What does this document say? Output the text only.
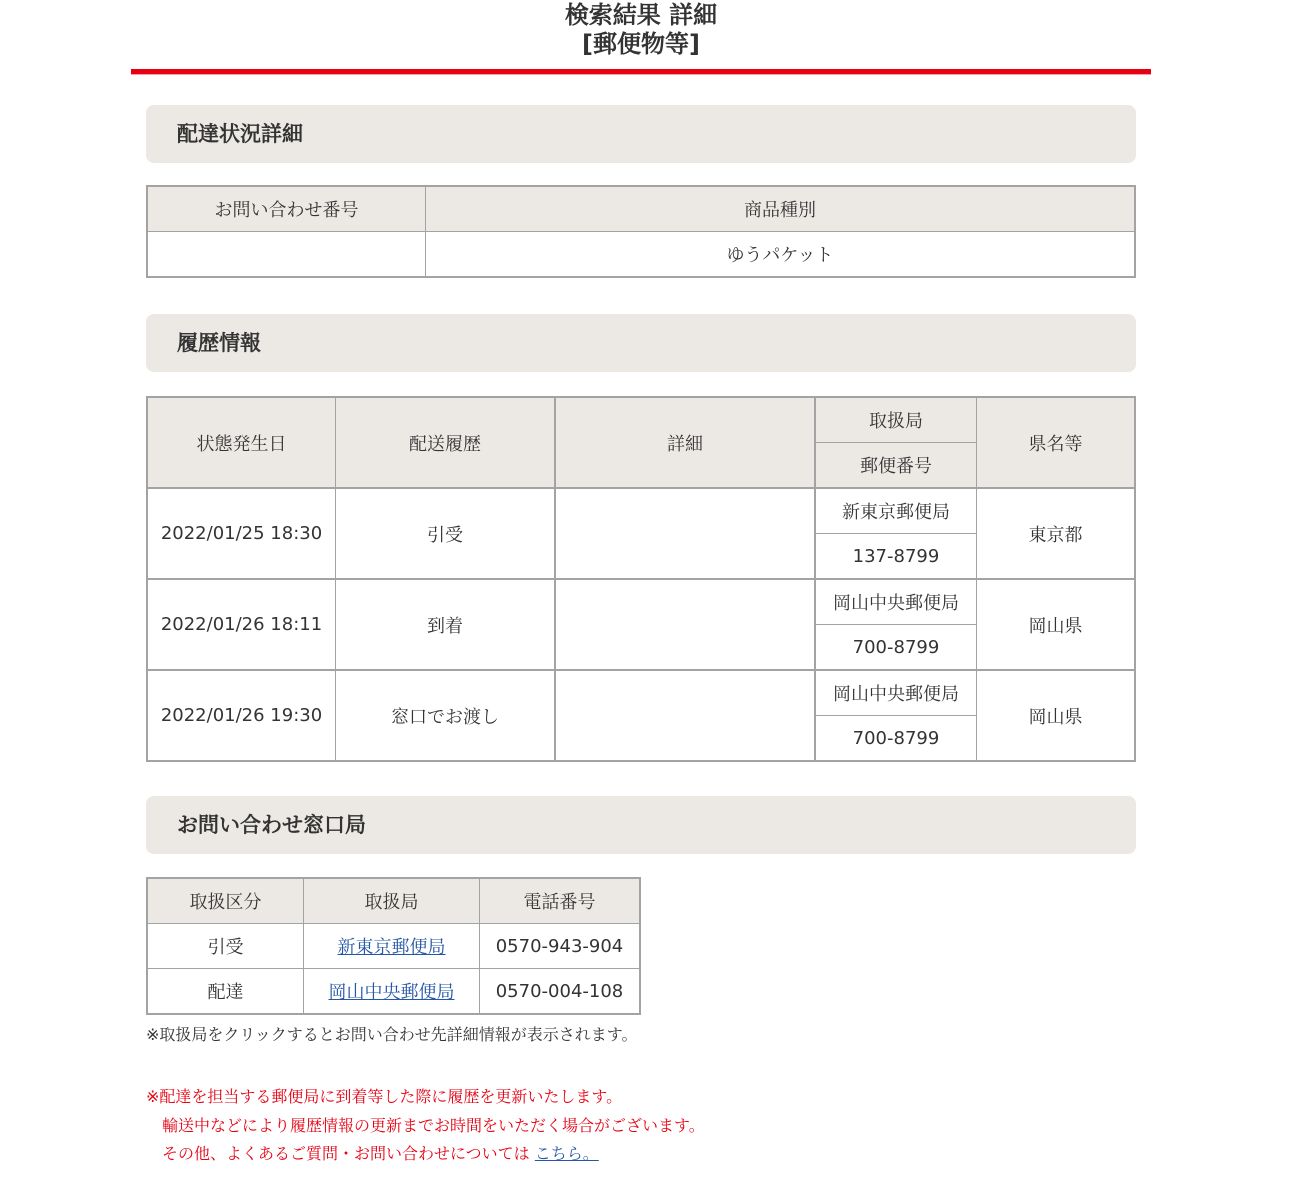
検索結果 詳細
[郵便物等]
配達状況詳細
お問い合わせ番号	商品種別
	ゆうパケット
履歴情報
状態発生日	配送履歴	詳細	取扱局	県名等
			郵便番号	
2022/01/25 18:30	引受		新東京郵便局	東京都
			137-8799	
2022/01/26 18:11	到着		岡山中央郵便局	岡山県
			700-8799	
2022/01/26 19:30	窓口でお渡し		岡山中央郵便局	岡山県
			700-8799	
お問い合わせ窓口局
取扱区分	取扱局	電話番号
引受	新東京郵便局	0570-943-904
配達	岡山中央郵便局	0570-004-108
※取扱局をクリックするとお問い合わせ先詳細情報が表示されます。
※配達を担当する郵便局に到着等した際に履歴を更新いたします。
輸送中などにより履歴情報の更新までお時間をいただく場合がございます。
その他、よくあるご質問・お問い合わせについては こちら。
